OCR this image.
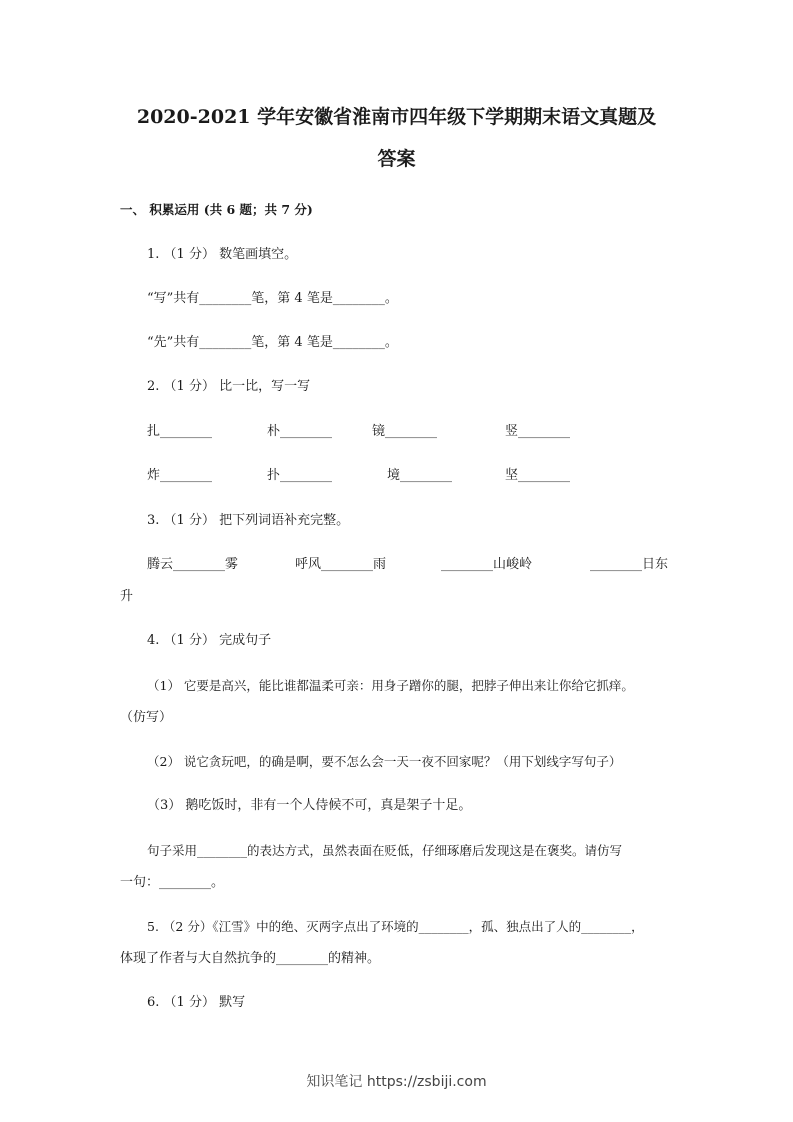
2020-2021 学年安徽省淮南市四年级下学期期末语文真题及
答案
一、 积累运用 (共 6 题；共 7 分)
1. （1 分） 数笔画填空。
“写”共有________笔，第 4 笔是________。
“先”共有________笔，第 4 笔是________。
2. （1 分） 比一比，写一写
扎________	朴________	镜________	竖________
炸________	扑________	境________	坚________
3. （1 分） 把下列词语补充完整。
腾云________雾	呼风________雨	________山峻岭	________日东
升
4. （1 分） 完成句子
（1） 它要是高兴，能比谁都温柔可亲：用身子蹭你的腿，把脖子伸出来让你给它抓痒。
（仿写）
（2） 说它贪玩吧，的确是啊，要不怎么会一天一夜不回家呢？（用下划线字写句子）
（3） 鹅吃饭时，非有一个人侍候不可，真是架子十足。
句子采用________的表达方式，虽然表面在贬低，仔细琢磨后发现这是在褒奖。请仿写
一句：________。
5. （2 分）《江雪》中的绝、灭两字点出了环境的________，孤、独点出了人的________，
体现了作者与大自然抗争的________的精神。
6. （1 分） 默写
知识笔记 https://zsbiji.com
